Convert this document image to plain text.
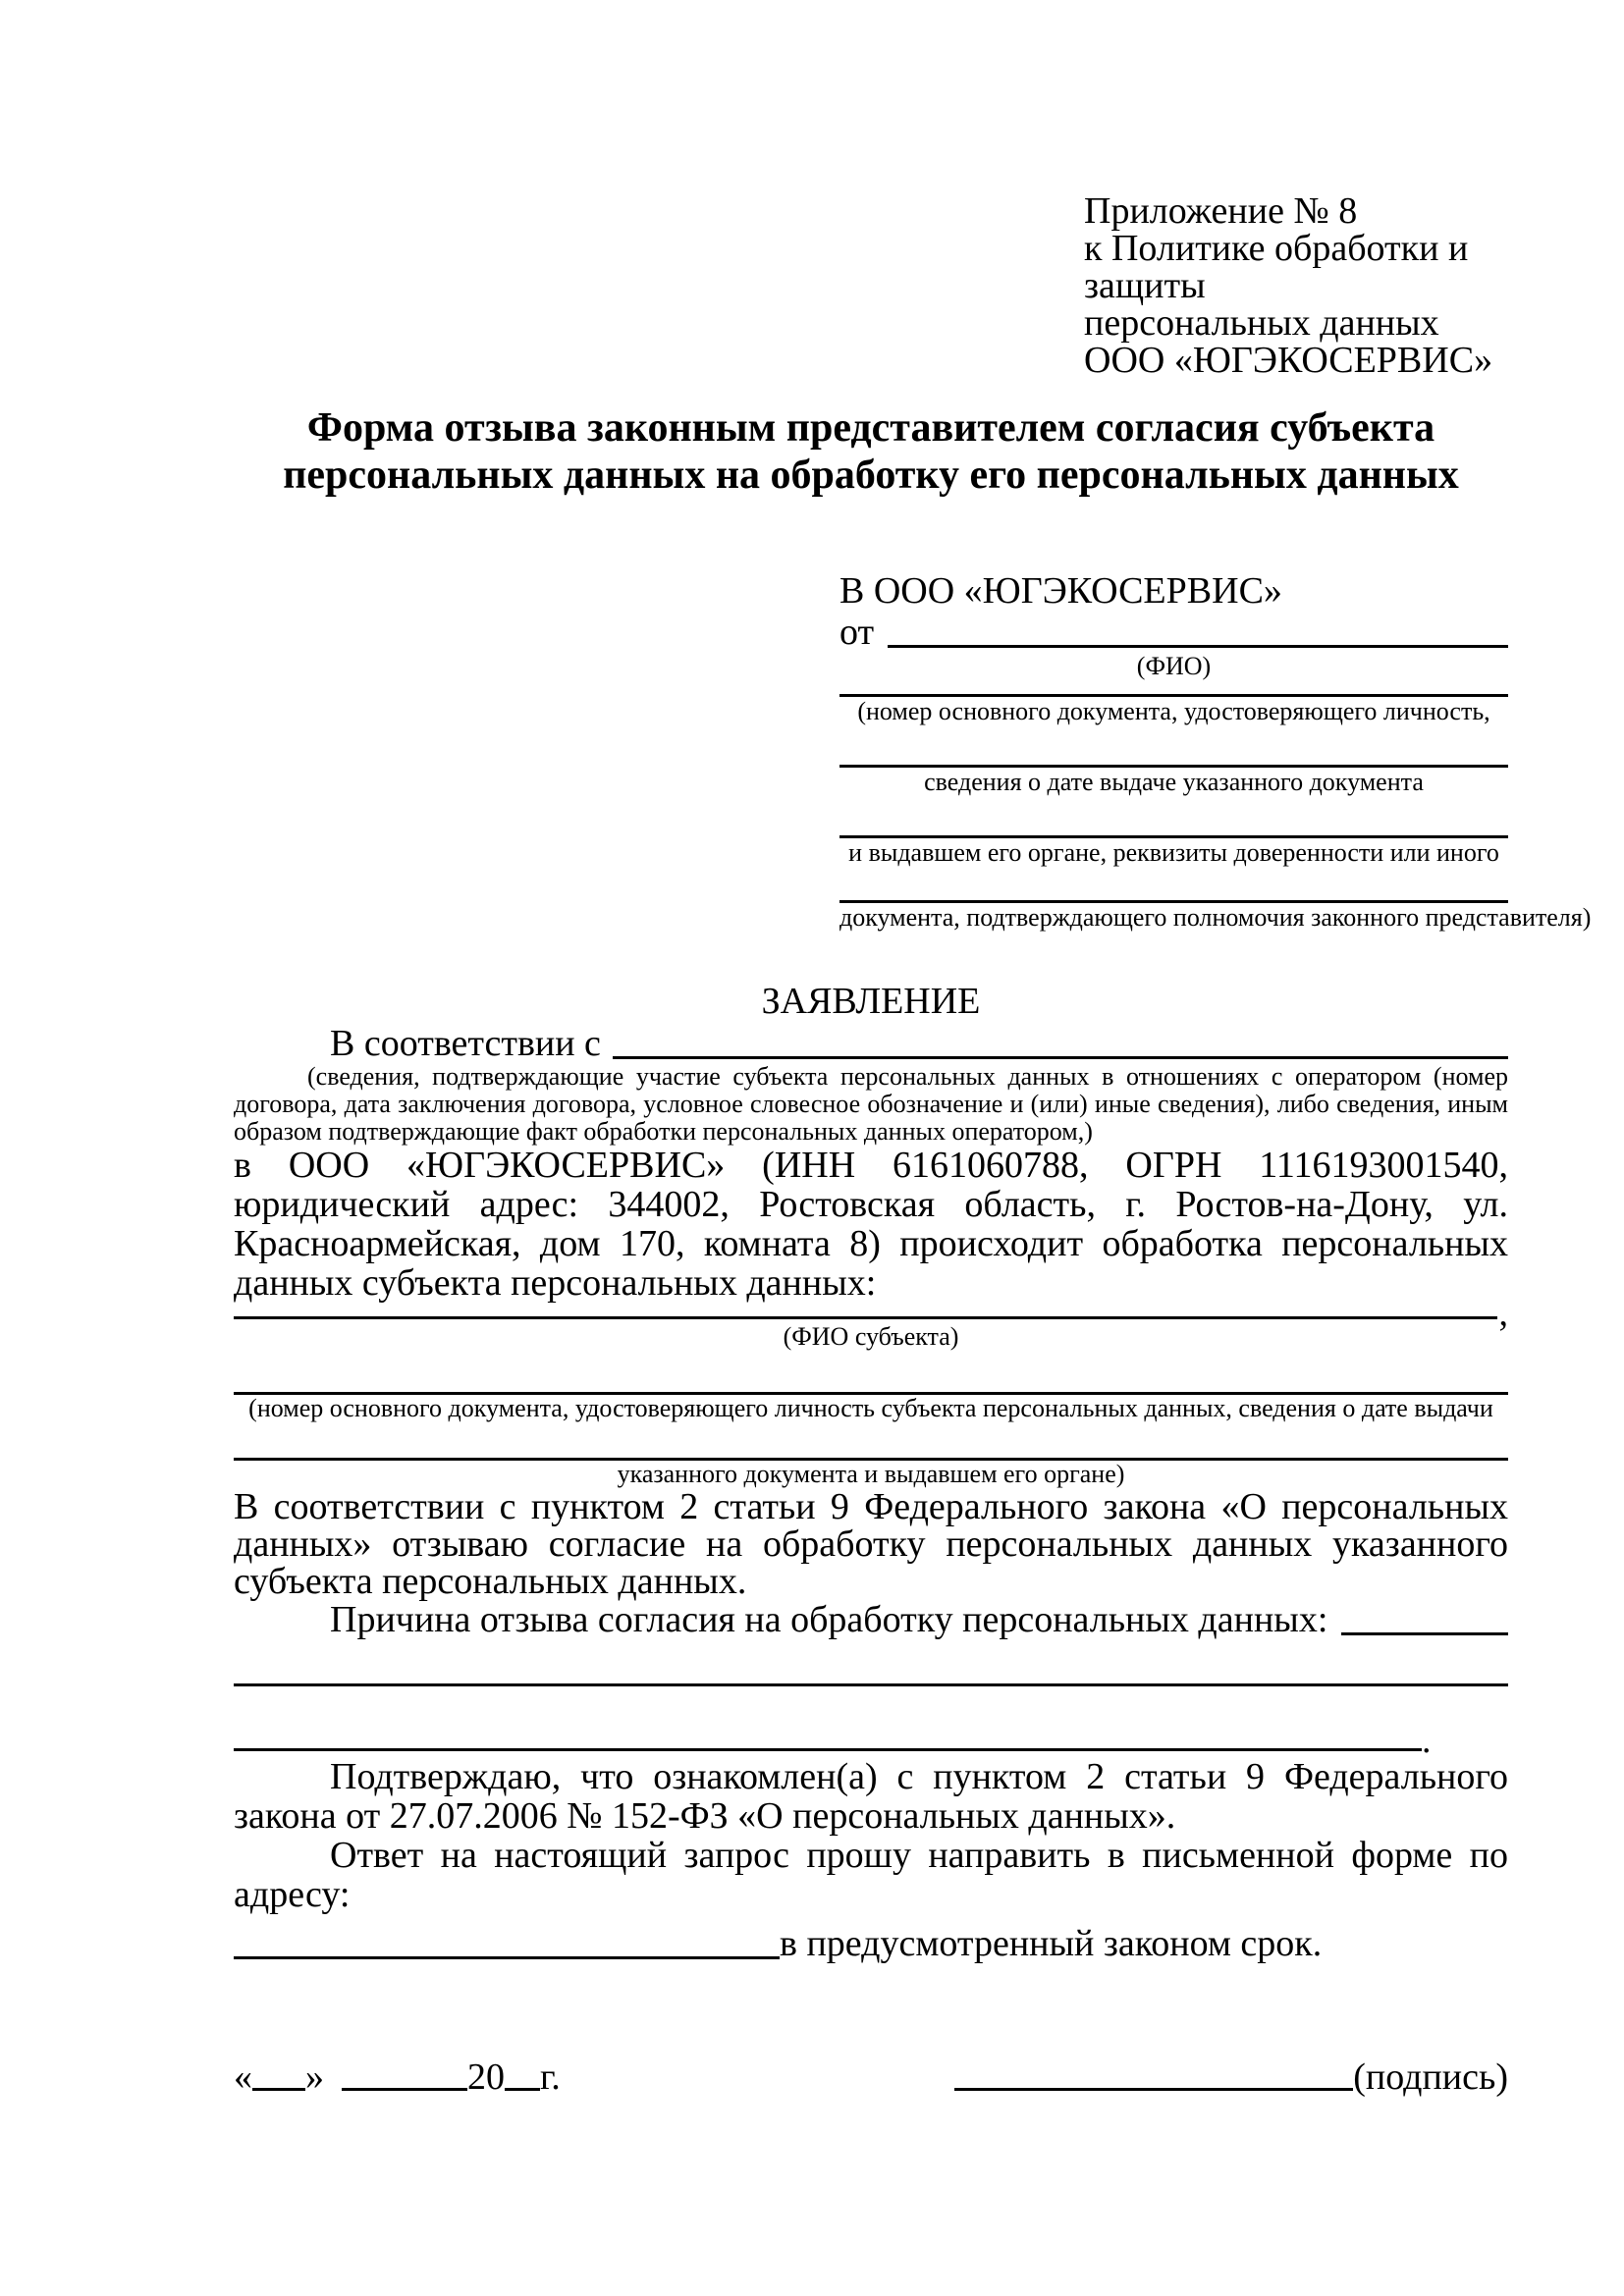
Приложение № 8
к Политике обработки и защиты
персональных данных
ООО «ЮГЭКОСЕРВИС»
Форма отзыва законным представителем согласия субъекта
персональных данных на обработку его персональных данных
В ООО «ЮГЭКОСЕРВИС»
от
(ФИО)
(номер основного документа, удостоверяющего личность,
сведения о дате выдаче указанного документа
и выдавшем его органе, реквизиты доверенности или иного
документа, подтверждающего полномочия законного представителя)
ЗАЯВЛЕНИЕ
В соответствии с
(сведения, подтверждающие участие субъекта персональных данных в отношениях с оператором (номер договора, дата заключения договора, условное словесное обозначение и (или) иные сведения), либо сведения, иным образом подтверждающие факт обработки персональных данных оператором,)
в ООО «ЮГЭКОСЕРВИС» (ИНН 6161060788, ОГРН 1116193001540, юридический адрес: 344002, Ростовская область, г. Ростов-на-Дону, ул. Красноармейская, дом 170, комната 8) происходит обработка персональных данных субъекта персональных данных:
,
(ФИО субъекта)
(номер основного документа, удостоверяющего личность субъекта персональных данных, сведения о дате выдачи
указанного документа и выдавшем его органе)
В соответствии с пунктом 2 статьи 9 Федерального закона «О персональных данных» отзываю согласие на обработку персональных данных указанного субъекта персональных данных.
Причина отзыва согласия на обработку персональных данных:
.
Подтверждаю, что ознакомлен(а) с пунктом 2 статьи 9 Федерального закона от 27.07.2006 № 152-ФЗ «О персональных данных».
Ответ на настоящий запрос прошу направить в письменной форме по адресу:
в предусмотренный законом срок.
« »	20 г.	(подпись)
